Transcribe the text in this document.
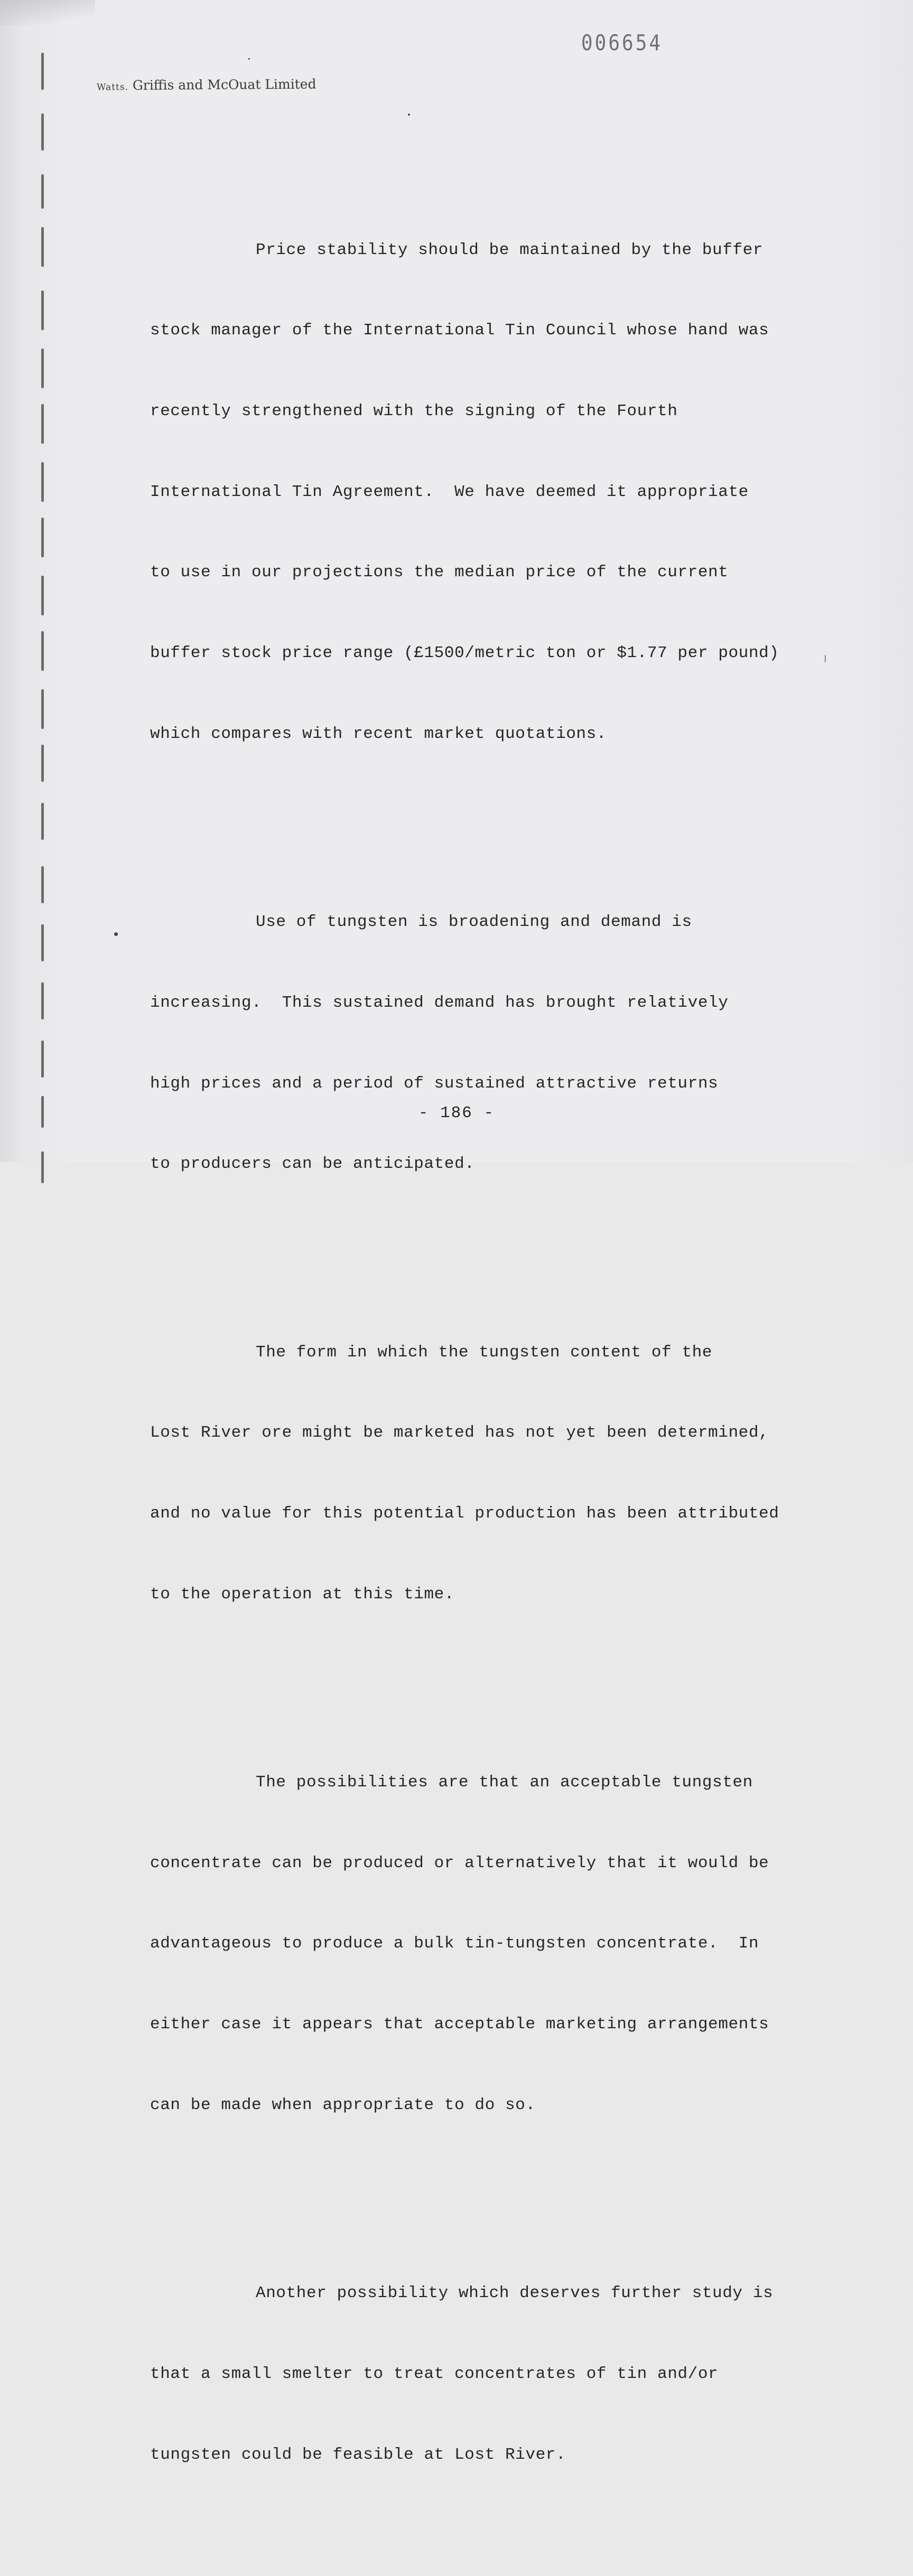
006654
Watts. Griffis and McOuat Limited

Price stability should be maintained by the buffer

stock manager of the International Tin Council whose hand was

recently strengthened with the signing of the Fourth

International Tin Agreement.  We have deemed it appropriate

to use in our projections the median price of the current

buffer stock price range (£1500/metric ton or $1.77 per pound)

which compares with recent market quotations.

Use of tungsten is broadening and demand is

increasing.  This sustained demand has brought relatively

high prices and a period of sustained attractive returns

to producers can be anticipated.

The form in which the tungsten content of the

Lost River ore might be marketed has not yet been determined,

and no value for this potential production has been attributed

to the operation at this time.

The possibilities are that an acceptable tungsten

concentrate can be produced or alternatively that it would be

advantageous to produce a bulk tin-tungsten concentrate.  In

either case it appears that acceptable marketing arrangements

can be made when appropriate to do so.

Another possibility which deserves further study is

that a small smelter to treat concentrates of tin and/or

tungsten could be feasible at Lost River.

- 186 -
